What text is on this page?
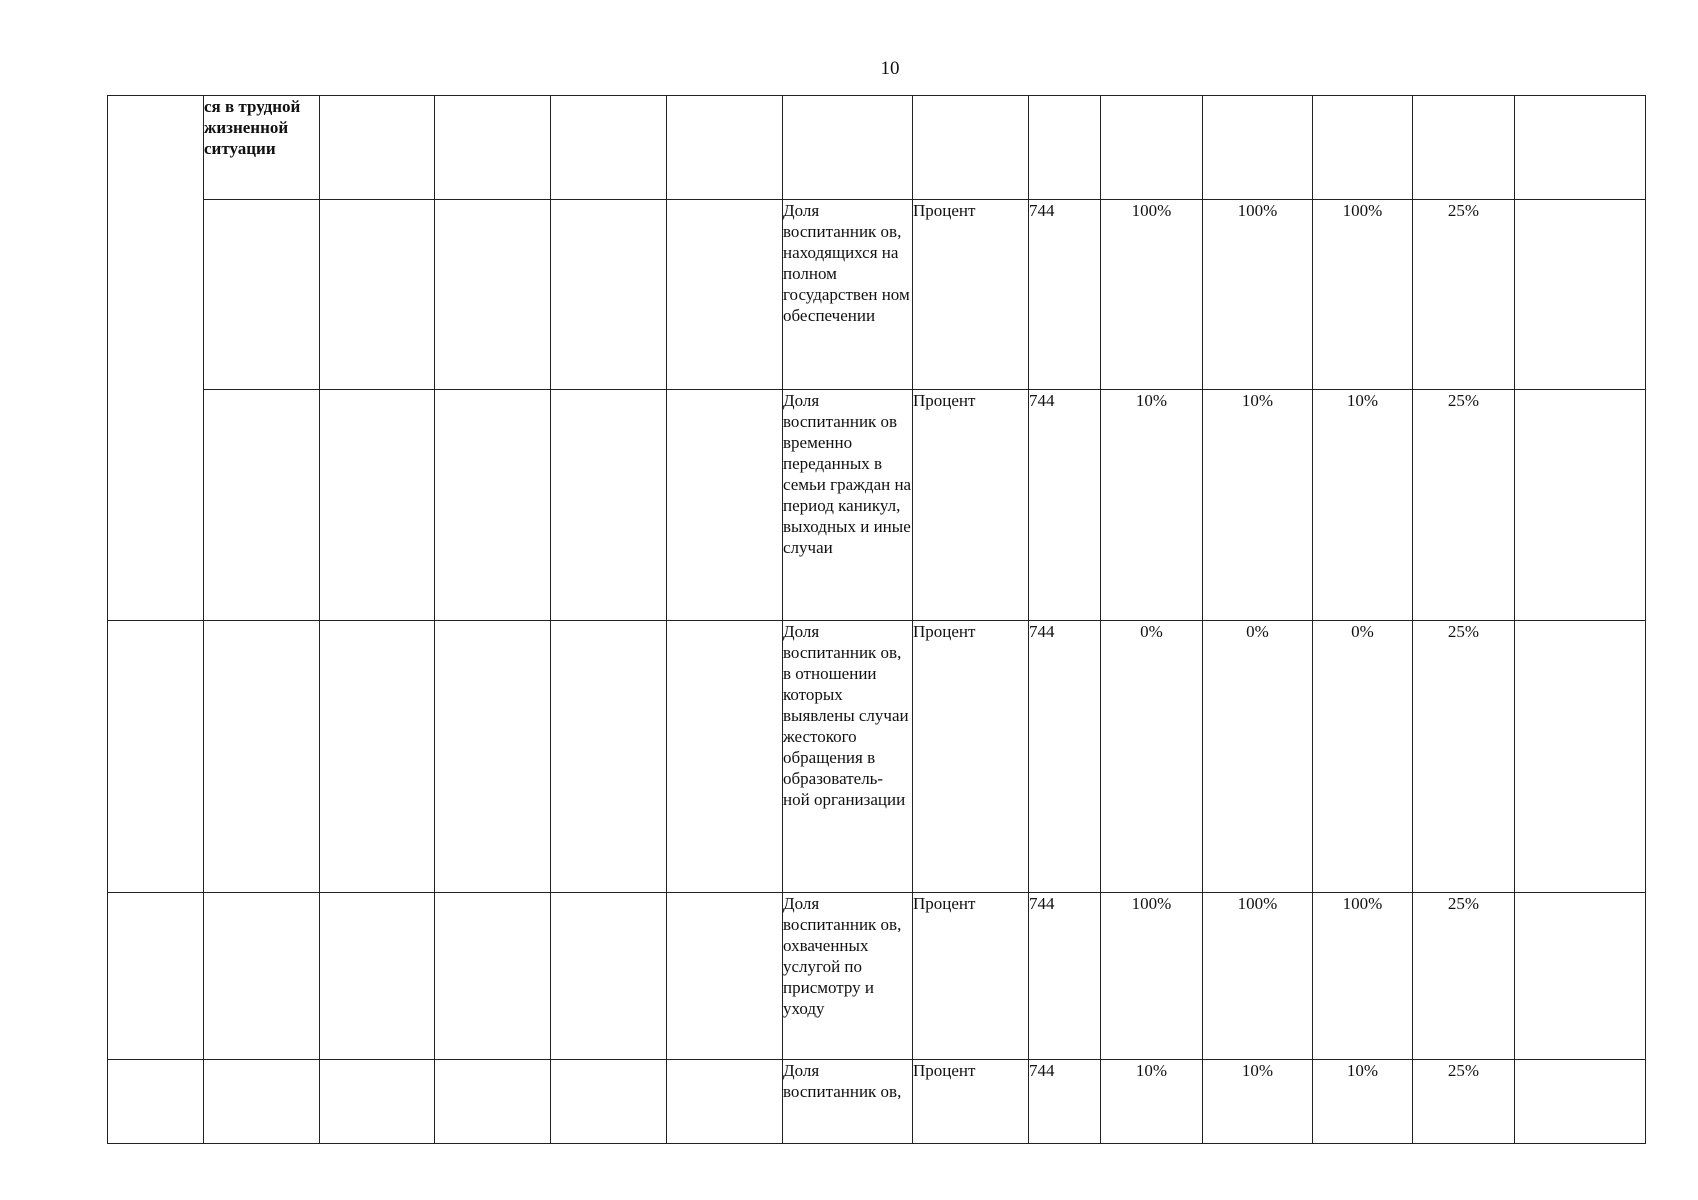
10
	ся в трудной жизненной ситуации												
						Доля воспитанник ов, находящихся на полном государствен ном обеспечении	Процент	744	100%	100%	100%	25%	
						Доля воспитанник ов временно переданных в семьи граждан на период каникул, выходных и иные случаи	Процент	744	10%	10%	10%	25%	
						Доля воспитанник ов, в отношении которых выявлены случаи жестокого обращения в образователь- ной организации	Процент	744	0%	0%	0%	25%	
						Доля воспитанник ов, охваченных услугой по присмотру и уходу	Процент	744	100%	100%	100%	25%	
						Доля воспитанник ов,	Процент	744	10%	10%	10%	25%	
